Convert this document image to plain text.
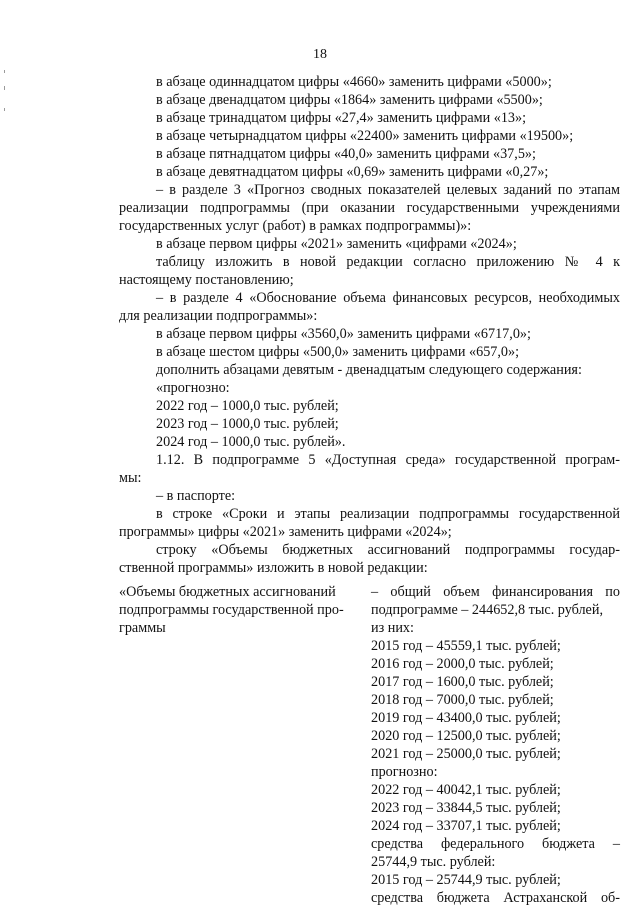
18
в абзаце одиннадцатом цифры «4660» заменить цифрами «5000»;
в абзаце двенадцатом цифры «1864» заменить цифрами «5500»;
в абзаце тринадцатом цифры «27,4» заменить цифрами «13»;
в абзаце четырнадцатом цифры «22400» заменить цифрами «19500»;
в абзаце пятнадцатом цифры «40,0» заменить цифрами «37,5»;
в абзаце девятнадцатом цифры «0,69» заменить цифрами «0,27»;
– в разделе 3 «Прогноз сводных показателей целевых заданий по этапам
реализации подпрограммы (при оказании государственными учреждениями
государственных услуг (работ) в рамках подпрограммы)»:
в абзаце первом цифры «2021» заменить «цифрами «2024»;
таблицу изложить в новой редакции согласно приложению № 4 к
настоящему постановлению;
– в разделе 4 «Обоснование объема финансовых ресурсов, необходимых
для реализации подпрограммы»:
в абзаце первом цифры «3560,0» заменить цифрами «6717,0»;
в абзаце шестом цифры «500,0» заменить цифрами «657,0»;
дополнить абзацами девятым - двенадцатым следующего содержания:
«прогнозно:
2022 год – 1000,0 тыс. рублей;
2023 год – 1000,0 тыс. рублей;
2024 год – 1000,0 тыс. рублей».
1.12. В подпрограмме 5 «Доступная среда» государственной програм-
мы:
– в паспорте:
в строке «Сроки и этапы реализации подпрограммы государственной
программы» цифры «2021» заменить цифрами «2024»;
строку «Объемы бюджетных ассигнований подпрограммы государ-
ственной программы» изложить в новой редакции:
«Объемы бюджетных ассигнований
подпрограммы государственной про-
граммы
– общий объем финансирования по
подпрограмме – 244652,8 тыс. рублей,
из них:
2015 год – 45559,1 тыс. рублей;
2016 год – 2000,0 тыс. рублей;
2017 год – 1600,0 тыс. рублей;
2018 год – 7000,0 тыс. рублей;
2019 год – 43400,0 тыс. рублей;
2020 год – 12500,0 тыс. рублей;
2021 год – 25000,0 тыс. рублей;
прогнозно:
2022 год – 40042,1 тыс. рублей;
2023 год – 33844,5 тыс. рублей;
2024 год – 33707,1 тыс. рублей;
средства федерального бюджета –
25744,9 тыс. рублей:
2015 год – 25744,9 тыс. рублей;
средства бюджета Астраханской об-
